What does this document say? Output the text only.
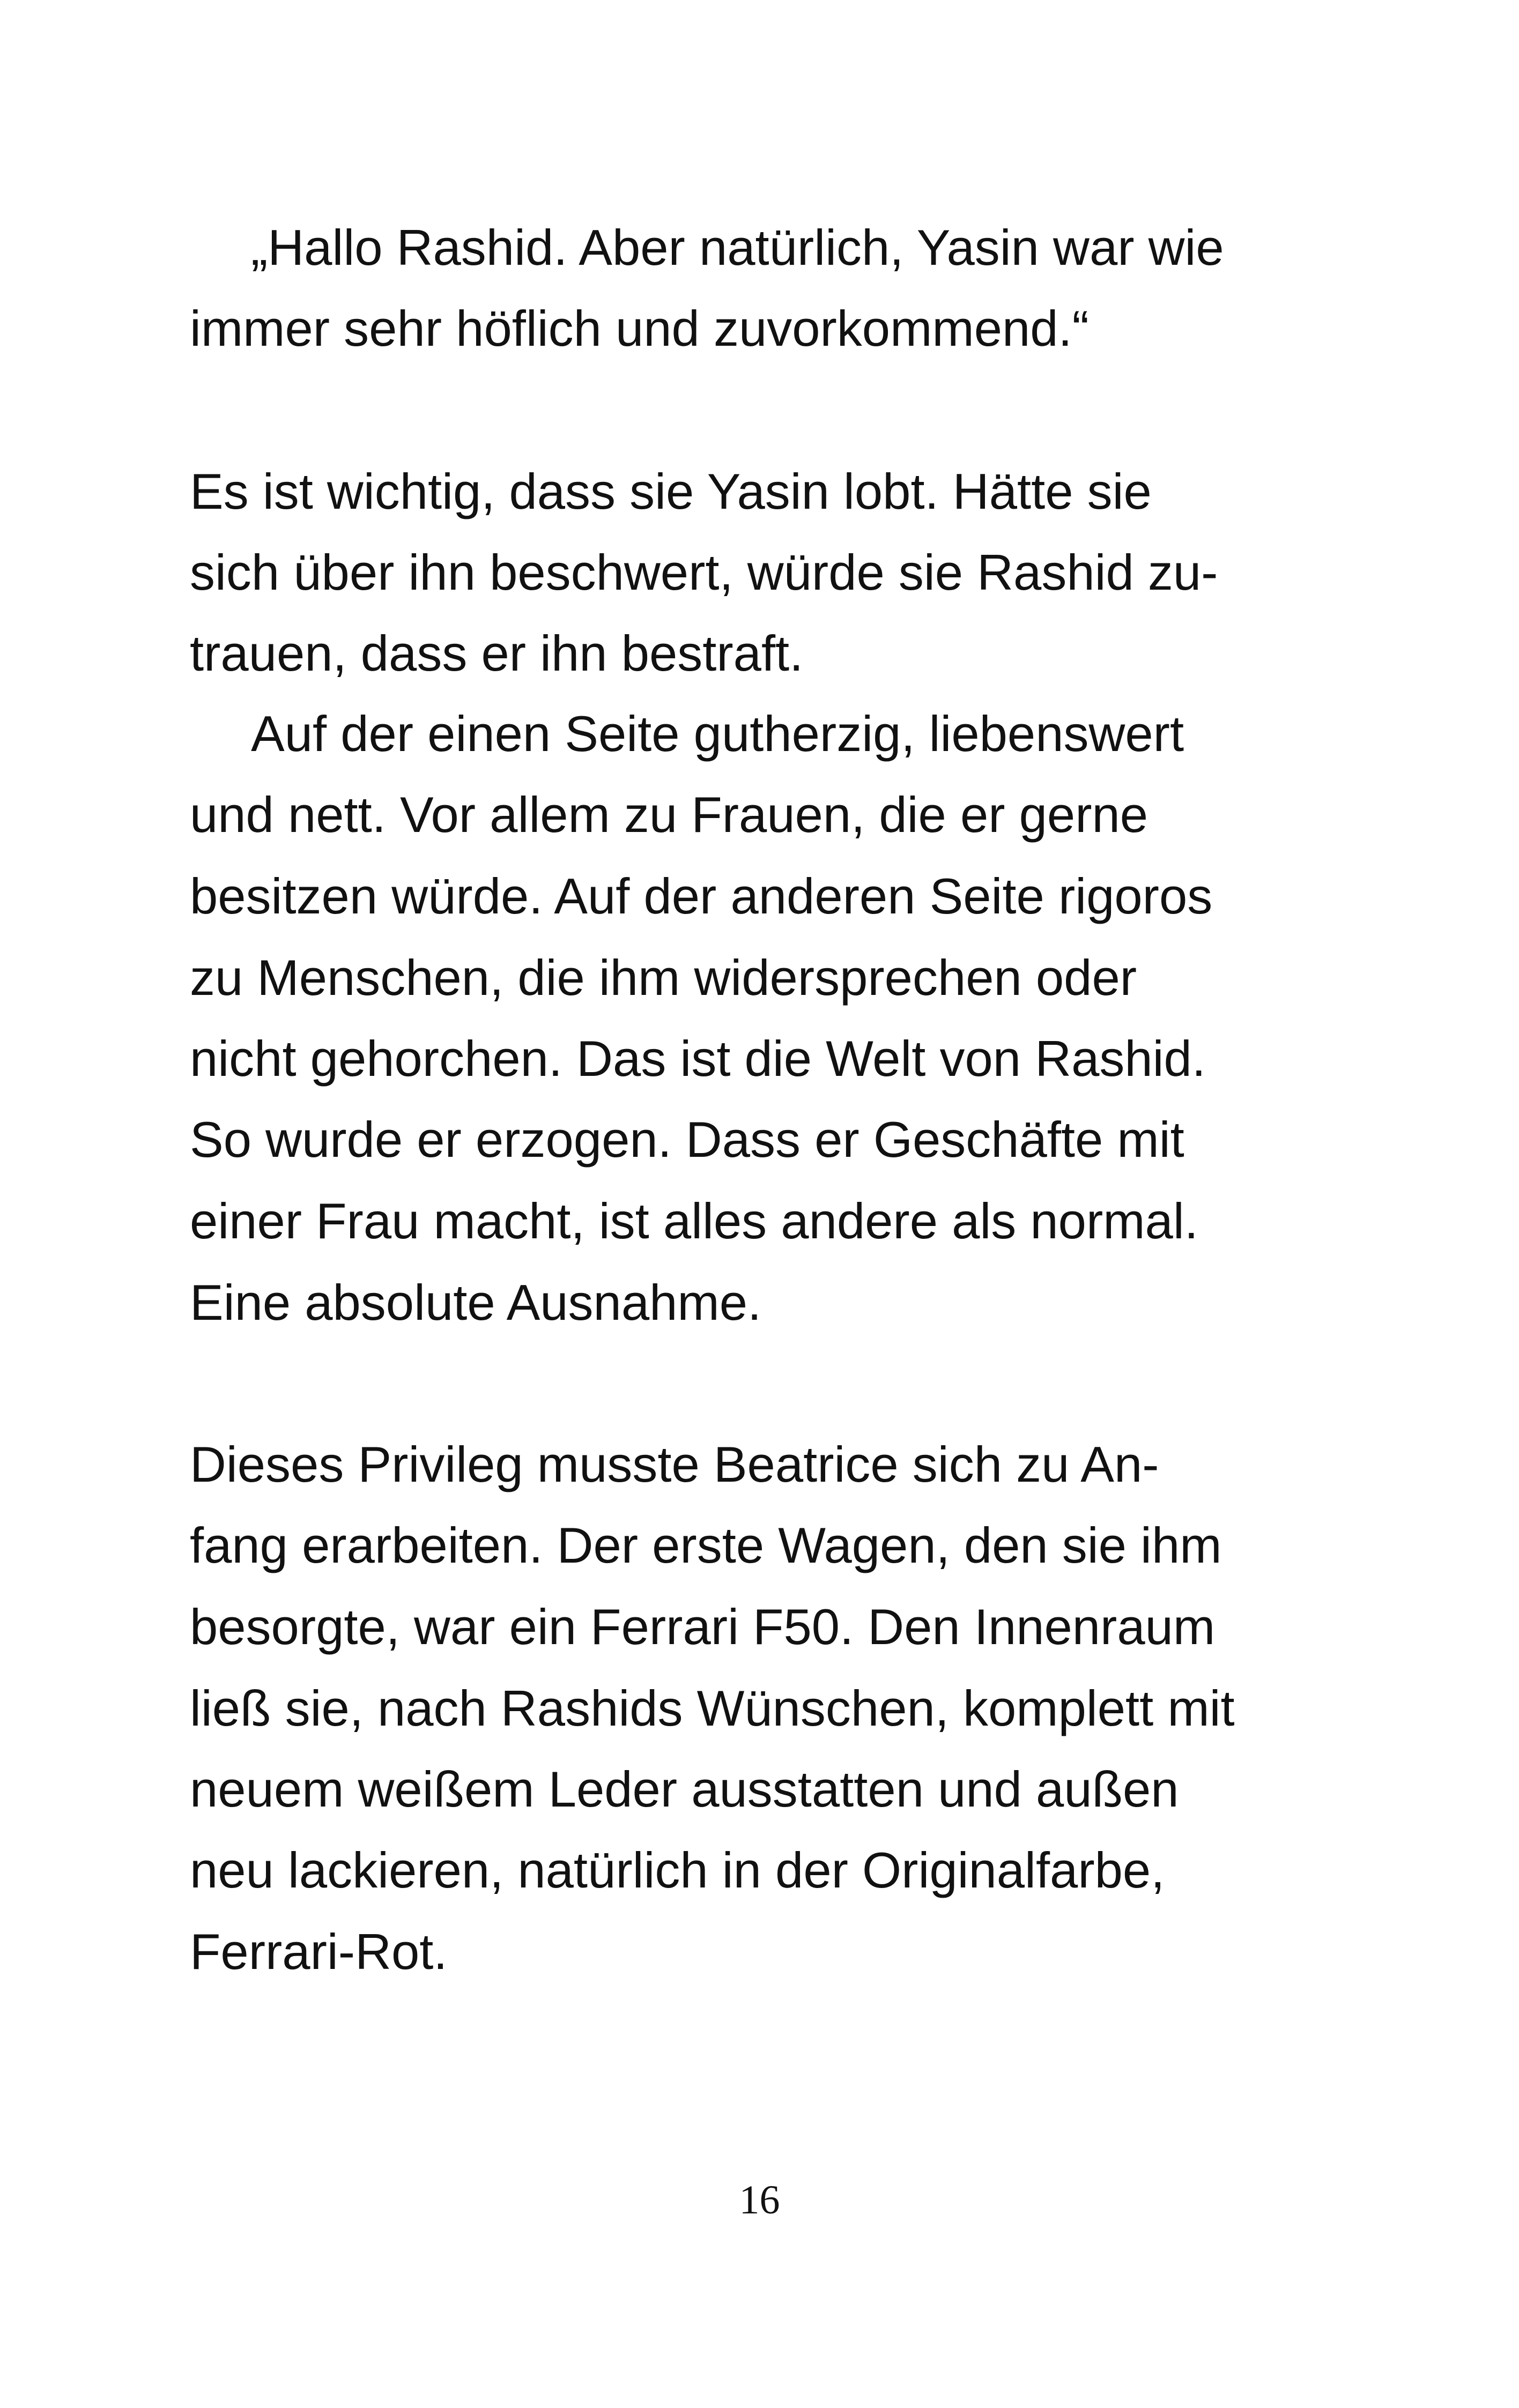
„Hallo Rashid. Aber natürlich, Yasin war wie
immer sehr höflich und zuvorkommend.“
Es ist wichtig, dass sie Yasin lobt. Hätte sie
sich über ihn beschwert, würde sie Rashid zu-
trauen, dass er ihn bestraft.
Auf der einen Seite gutherzig, liebenswert
und nett. Vor allem zu Frauen, die er gerne
besitzen würde. Auf der anderen Seite rigoros
zu Menschen, die ihm widersprechen oder
nicht gehorchen. Das ist die Welt von Rashid.
So wurde er erzogen. Dass er Geschäfte mit
einer Frau macht, ist alles andere als normal.
Eine absolute Ausnahme.
Dieses Privileg musste Beatrice sich zu An-
fang erarbeiten. Der erste Wagen, den sie ihm
besorgte, war ein Ferrari F50. Den Innenraum
ließ sie, nach Rashids Wünschen, komplett mit
neuem weißem Leder ausstatten und außen
neu lackieren, natürlich in der Originalfarbe,
Ferrari-Rot.
16
